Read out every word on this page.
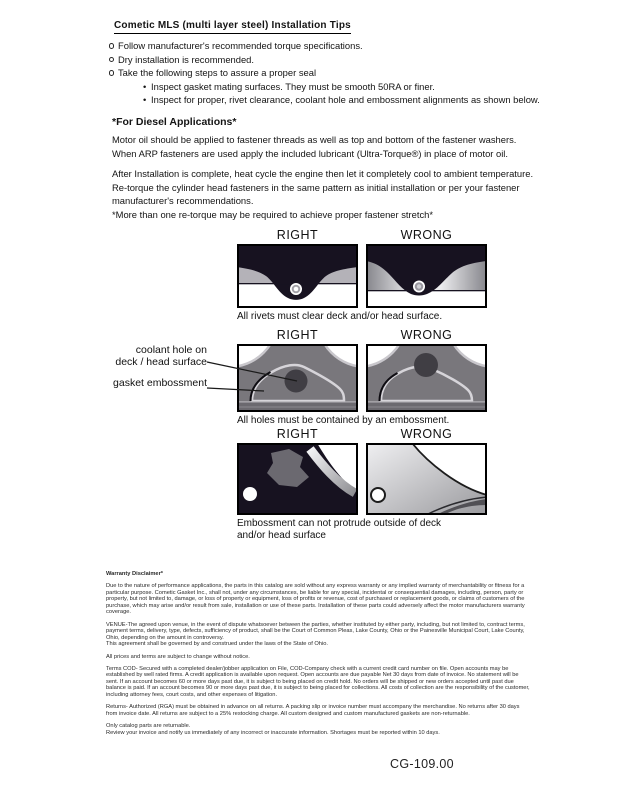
Cometic MLS (multi layer steel) Installation Tips
Follow manufacturer's recommended torque specifications.
Dry installation is recommended.
Take the following steps to assure a proper seal
• Inspect gasket mating surfaces. They must be smooth 50RA or finer.
• Inspect for proper, rivet clearance, coolant hole and embossment alignments as shown below.
*For Diesel Applications*
Motor oil should be applied to fastener threads as well as top and bottom of the fastener washers. When ARP fasteners are used apply the included lubricant (Ultra-Torque®) in place of motor oil.
After Installation is complete, heat cycle the engine then let it completely cool to ambient temperature. Re-torque the cylinder head fasteners in the same pattern as initial installation or per your fastener manufacturer's recommendations.
*More than one re-torque may be required to achieve proper fastener stretch*
RIGHT	WRONG
All rivets must clear deck and/or head surface.
RIGHT	WRONG
All holes must be contained by an embossment.
coolant hole on
deck / head surface
gasket embossment
RIGHT	WRONG
Embossment can not protrude outside of deck
and/or head surface
Warranty Disclaimer*

Due to the nature of performance applications, the parts in this catalog are sold without any express warranty or any implied warranty of merchantability or fitness for a particular purpose. Cometic Gasket Inc., shall not, under any circumstances, be liable for any special, incidental or consequential damages, including, person, party or property, but not limited to, damage, or loss of property or equipment, loss of profits or revenue, cost of purchased or replacement goods, or claims of customers of the purchase, which may arise and/or result from sale, installation or use of these parts. Installation of these parts could adversely affect the motor manufacturers warranty coverage.

VENUE-The agreed upon venue, in the event of dispute whatsoever between the parties, whether instituted by either party, including, but not limited to, contract terms, payment terms, delivery, type, defects, sufficiency of product, shall be the Court of Common Pleas, Lake County, Ohio or the Painesville Municipal Court, Lake County, Ohio, depending on the amount in controversy.

This agreement shall be governed by and construed under the laws of the State of Ohio.

All prices and terms are subject to change without notice.

Terms COD- Secured with a completed dealer/jobber application on File, COD-Company check with a current credit card number on file. Open accounts may be established by well rated firms. A credit application is available upon request. Open accounts are due payable Net 30 days from date of invoice. No statement will be sent. If an account becomes 60 or more days past due, it is subject to being placed on credit hold. No orders will be shipped or new orders accepted until past due balance is paid. If an account becomes 90 or more days past due, it is subject to being placed for collections. All costs of collection are the responsibility of the customer, including attorney fees, court costs, and other expenses of litigation.

Returns- Authorized (RGA) must be obtained in advance on all returns. A packing slip or invoice number must accompany the merchandise. No returns after 30 days from invoice date. All returns are subject to a 25% restocking charge. All custom designed and custom manufactured gaskets are non-returnable.

Only catalog parts are returnable.

Review your invoice and notify us immediately of any incorrect or inaccurate information. Shortages must be reported within 10 days.

CG-109.00
